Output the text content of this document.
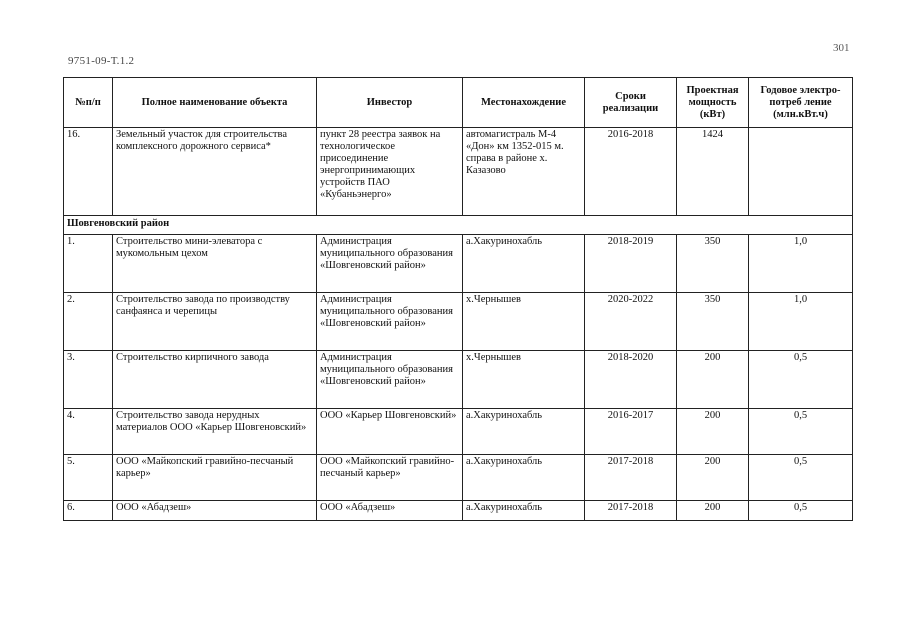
9751-09-Т.1.2
301
№п/п	Полное наименование объекта	Инвестор	Местонахождение	Сроки реализации	Проектная мощность (кВт)	Годовое электро-потреб ление (млн.кВт.ч)
16.	Земельный участок для строительства комплексного дорожного сервиса*	пункт 28 реестра заявок на технологическое присоединение энергопринимающих устройств ПАО «Кубаньэнерго»	автомагистраль М-4 «Дон» км 1352-015 м. справа в районе х. Казазово	2016-2018	1424	
Шовгеновский район						
1.	Строительство мини-элеватора с мукомольным цехом	Администрация муниципального образования «Шовгеновский район»	а.Хакуринохабль	2018-2019	350	1,0
2.	Строительство завода по производству санфаянса и черепицы	Администрация муниципального образования «Шовгеновский район»	х.Чернышев	2020-2022	350	1,0
3.	Строительство кирпичного завода	Администрация муниципального образования «Шовгеновский район»	х.Чернышев	2018-2020	200	0,5
4.	Строительство завода нерудных материалов ООО «Карьер Шовгеновский»	ООО «Карьер Шовгеновский»	а.Хакуринохабль	2016-2017	200	0,5
5.	ООО «Майкопский гравийно-песчаный карьер»	ООО «Майкопский гравийно-песчаный карьер»	а.Хакуринохабль	2017-2018	200	0,5
6.	ООО «Абадзеш»	ООО «Абадзеш»	а.Хакуринохабль	2017-2018	200	0,5
